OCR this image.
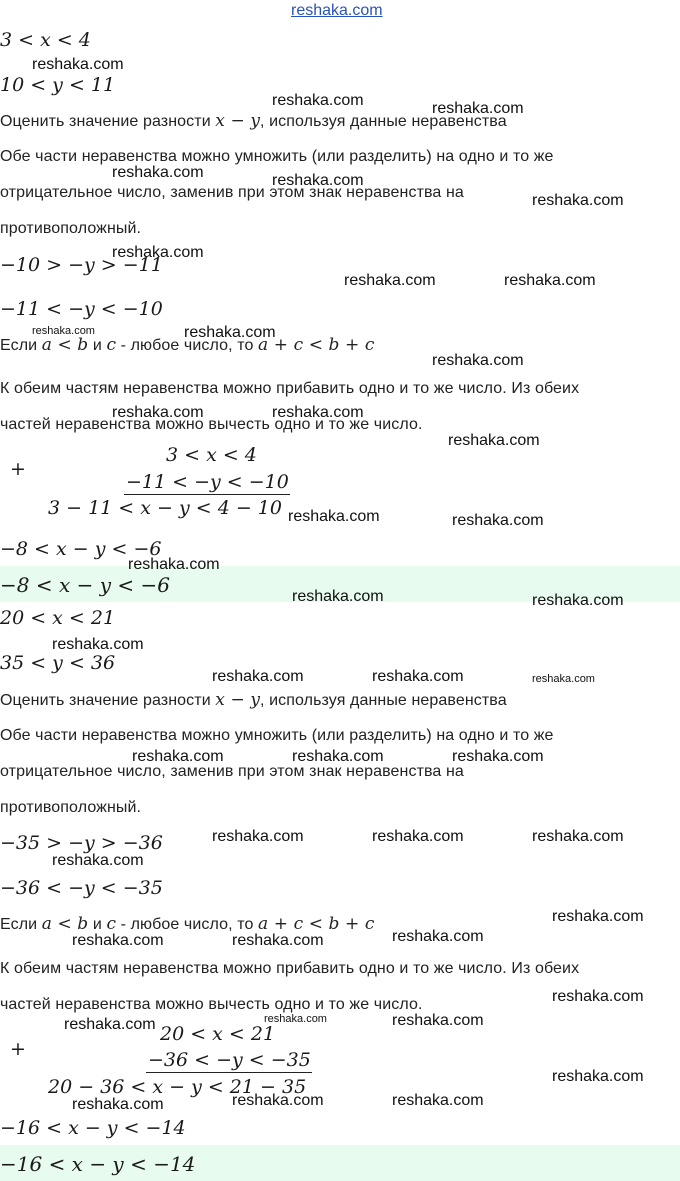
reshaka.com
3 < x < 4
10 < y < 11
Оценить значение разности x − y, используя данные неравенства
Обе части неравенства можно умножить (или разделить) на одно и то же
отрицательное число, заменив при этом знак неравенства на
противоположный.
−10 > −y > −11
−11 < −y < −10
Если a < b и c - любое число, то a + c < b + c
К обеим частям неравенства можно прибавить одно и то же число. Из обеих
частей неравенства можно вычесть одно и то же число.
+
3 < x < 4
−11 < −y < −10
3 − 11 < x − y < 4 − 10
−8 < x − y < −6
−8 < x − y < −6
20 < x < 21
35 < y < 36
Оценить значение разности x − y, используя данные неравенства
Обе части неравенства можно умножить (или разделить) на одно и то же
отрицательное число, заменив при этом знак неравенства на
противоположный.
−35 > −y > −36
−36 < −y < −35
Если a < b и c - любое число, то a + c < b + c
К обеим частям неравенства можно прибавить одно и то же число. Из обеих
частей неравенства можно вычесть одно и то же число.
+
20 < x < 21
−36 < −y < −35
20 − 36 < x − y < 21 − 35
−16 < x − y < −14
−16 < x − y < −14
reshaka.com
reshaka.com	reshaka.com
reshaka.com	reshaka.com
reshaka.com
reshaka.com
reshaka.com	reshaka.com
reshaka.com	reshaka.com
reshaka.com
reshaka.com	reshaka.com
reshaka.com
reshaka.com	reshaka.com
reshaka.com
reshaka.com	reshaka.com
reshaka.com
reshaka.com	reshaka.com	reshaka.com
reshaka.com	reshaka.com	reshaka.com
reshaka.com	reshaka.com	reshaka.com
reshaka.com
reshaka.com
reshaka.com	reshaka.com	reshaka.com
reshaka.com
reshaka.com	reshaka.com	reshaka.com
reshaka.com
reshaka.com	reshaka.com	reshaka.com
